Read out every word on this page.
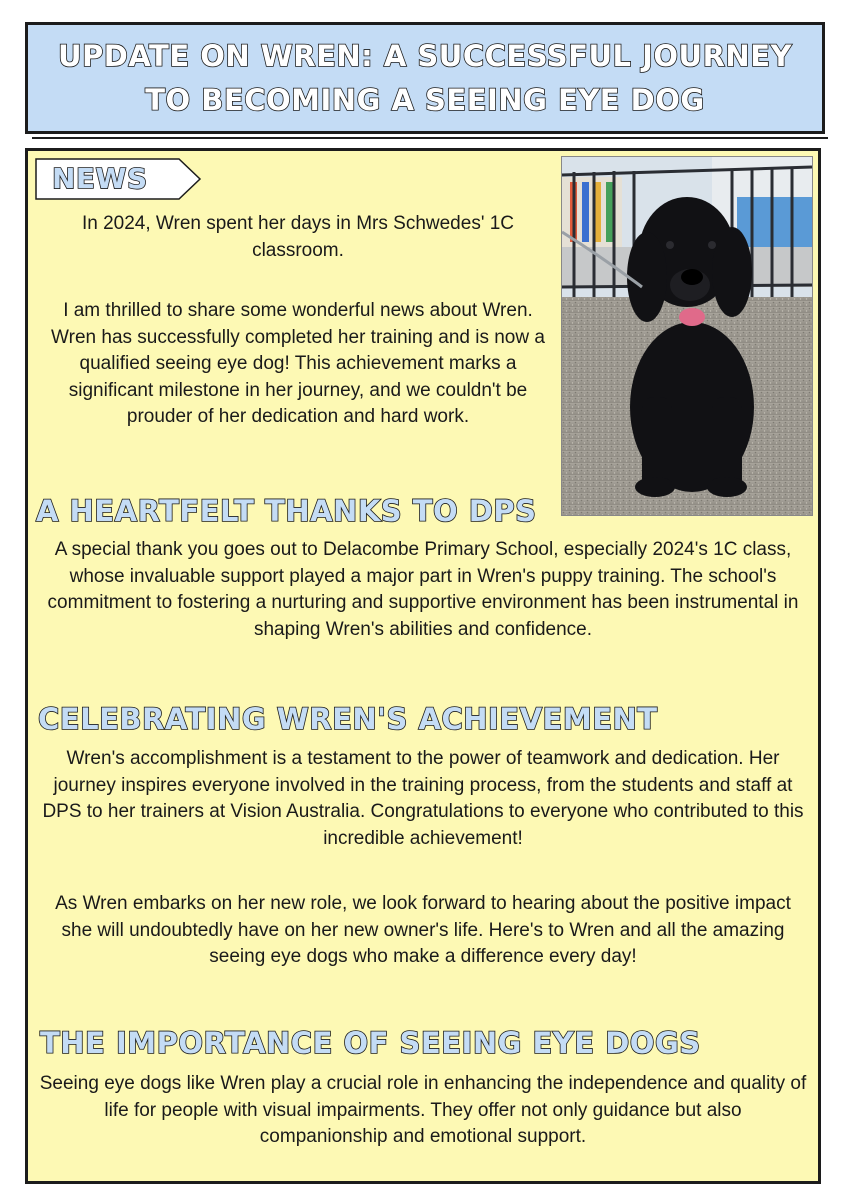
UPDATE ON WREN: A SUCCESSFUL JOURNEY TO BECOMING A SEEING EYE DOG
NEWS

In 2024, Wren spent her days in Mrs Schwedes' 1C classroom.

I am thrilled to share some wonderful news about Wren. Wren has successfully completed her training and is now a qualified seeing eye dog! This achievement marks a significant milestone in her journey, and we couldn't be prouder of her dedication and hard work.

A HEARTFELT THANKS TO DPS

A special thank you goes out to Delacombe Primary School, especially 2024's 1C class, whose invaluable support played a major part in Wren's puppy training. The school's commitment to fostering a nurturing and supportive environment has been instrumental in shaping Wren's abilities and confidence.

CELEBRATING WREN'S ACHIEVEMENT

Wren's accomplishment is a testament to the power of teamwork and dedication. Her journey inspires everyone involved in the training process, from the students and staff at DPS to her trainers at Vision Australia. Congratulations to everyone who contributed to this incredible achievement!

As Wren embarks on her new role, we look forward to hearing about the positive impact she will undoubtedly have on her new owner's life. Here's to Wren and all the amazing seeing eye dogs who make a difference every day!

THE IMPORTANCE OF SEEING EYE DOGS

Seeing eye dogs like Wren play a crucial role in enhancing the independence and quality of life for people with visual impairments. They offer not only guidance but also companionship and emotional support.
